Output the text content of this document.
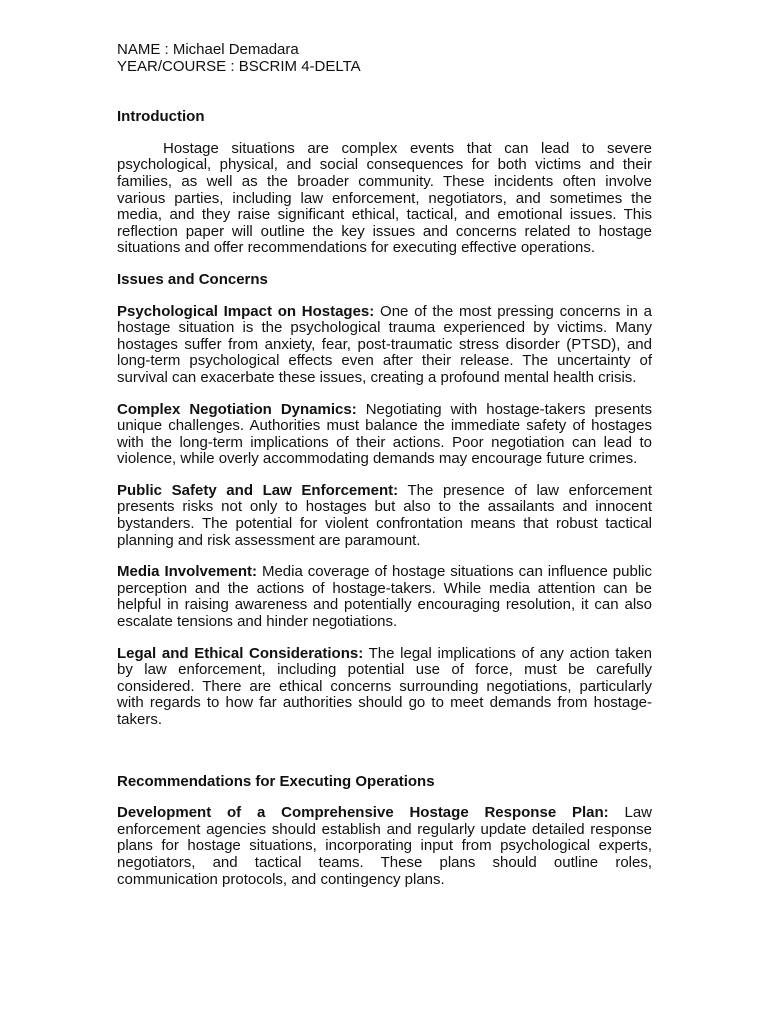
NAME : Michael Demadara

YEAR/COURSE : BSCRIM 4-DELTA

Introduction

Hostage situations are complex events that can lead to severe psychological, physical, and social consequences for both victims and their families, as well as the broader community. These incidents often involve various parties, including law enforcement, negotiators, and sometimes the media, and they raise significant ethical, tactical, and emotional issues. This reflection paper will outline the key issues and concerns related to hostage situations and offer recommendations for executing effective operations.

Issues and Concerns

Psychological Impact on Hostages: One of the most pressing concerns in a hostage situation is the psychological trauma experienced by victims. Many hostages suffer from anxiety, fear, post-traumatic stress disorder (PTSD), and long-term psychological effects even after their release. The uncertainty of survival can exacerbate these issues, creating a profound mental health crisis.

Complex Negotiation Dynamics: Negotiating with hostage-takers presents unique challenges. Authorities must balance the immediate safety of hostages with the long-term implications of their actions. Poor negotiation can lead to violence, while overly accommodating demands may encourage future crimes.

Public Safety and Law Enforcement: The presence of law enforcement presents risks not only to hostages but also to the assailants and innocent bystanders. The potential for violent confrontation means that robust tactical planning and risk assessment are paramount.

Media Involvement: Media coverage of hostage situations can influence public perception and the actions of hostage-takers. While media attention can be helpful in raising awareness and potentially encouraging resolution, it can also escalate tensions and hinder negotiations.

Legal and Ethical Considerations: The legal implications of any action taken by law enforcement, including potential use of force, must be carefully considered. There are ethical concerns surrounding negotiations, particularly with regards to how far authorities should go to meet demands from hostage-takers.

Recommendations for Executing Operations

Development of a Comprehensive Hostage Response Plan: Law enforcement agencies should establish and regularly update detailed response plans for hostage situations, incorporating input from psychological experts, negotiators, and tactical teams. These plans should outline roles, communication protocols, and contingency plans.
